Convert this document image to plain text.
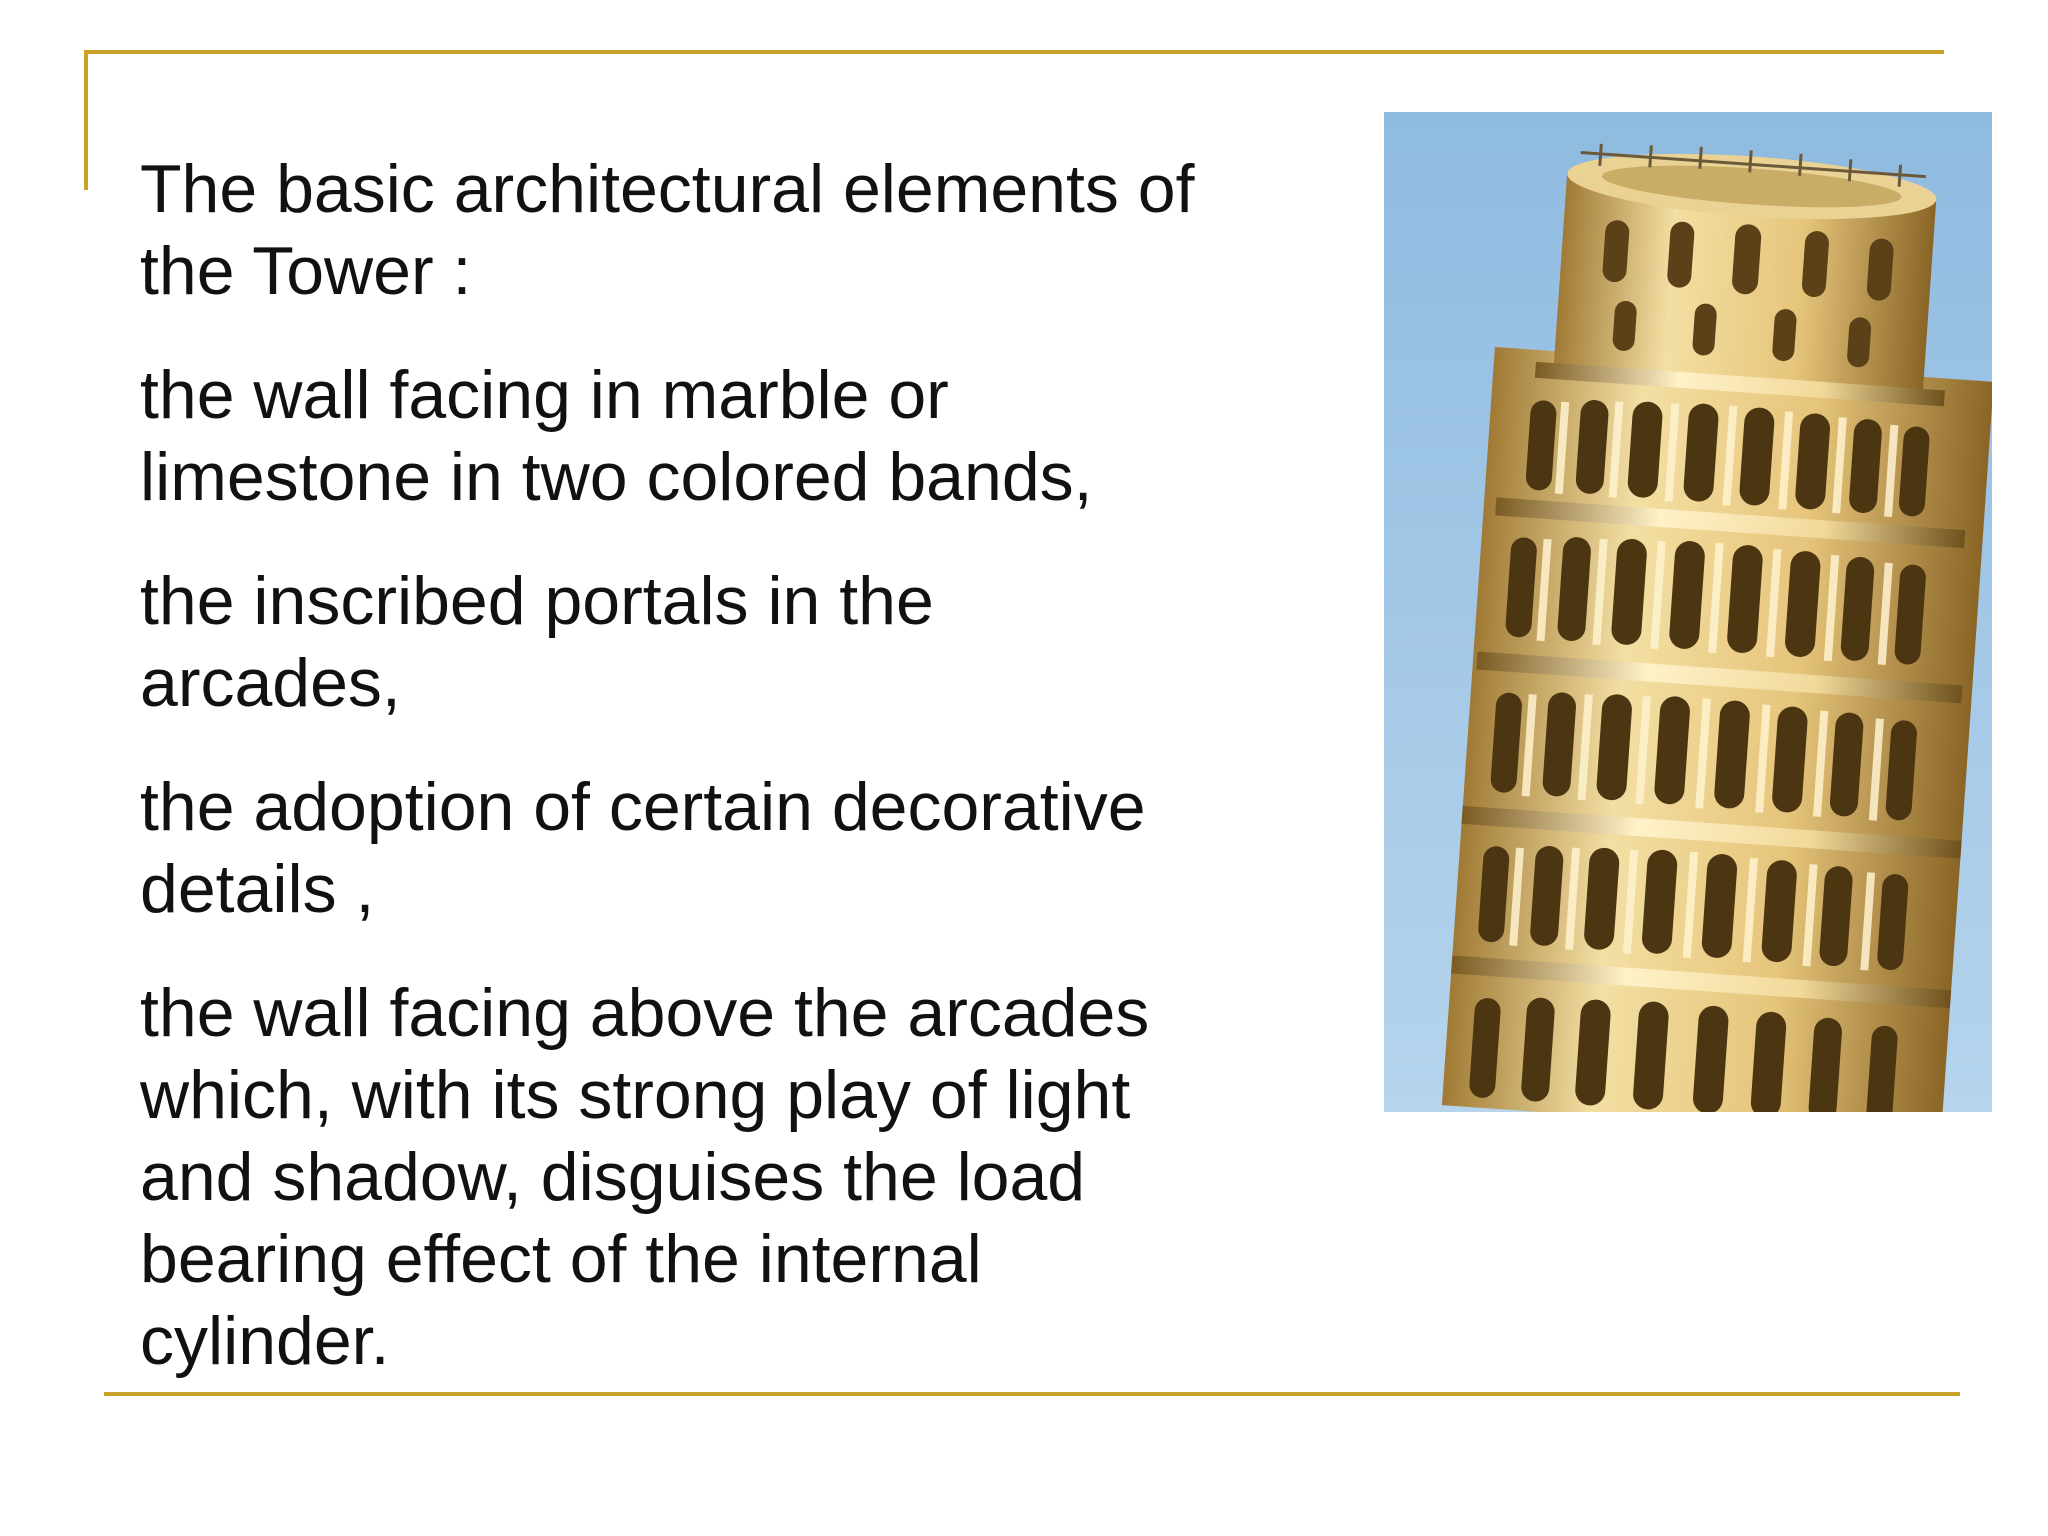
The basic architectural elements of the Tower :

the wall facing in marble or limestone in two colored bands,

the inscribed portals in the arcades,

the adoption of certain decorative details ,

the wall facing above the arcades which, with its strong play of light and shadow, disguises the load bearing effect of the internal cylinder.
